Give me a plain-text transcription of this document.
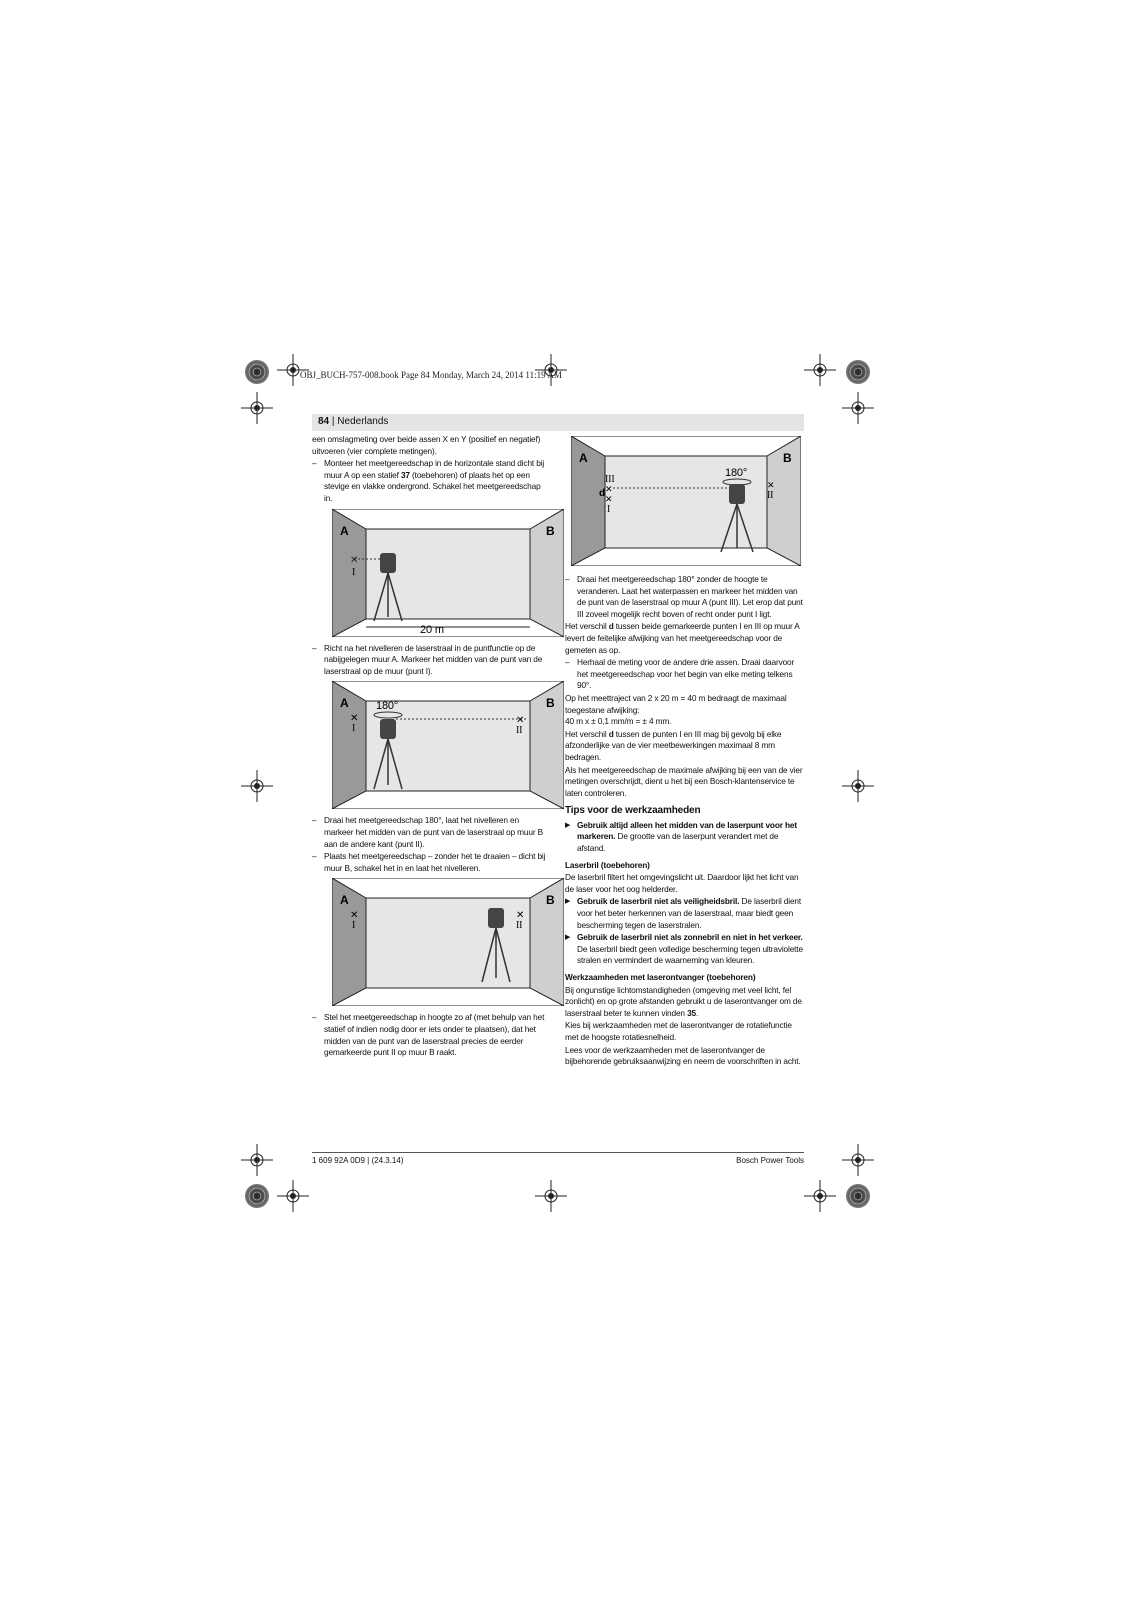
OBJ_BUCH-757-008.book Page 84 Monday, March 24, 2014 11:19 AM
84 | Nederlands

een omslagmeting over beide assen X en Y (positief en negatief) uitvoeren (vier complete metingen).

– Monteer het meetgereedschap in de horizontale stand dicht bij muur A op een statief 37 (toebehoren) of plaats het op een stevige en vlakke ondergrond. Schakel het meetgereedschap in.
A	B
✕
I
20 m
– Richt na het nivelleren de laserstraal in de puntfunctie op de nabijgelegen muur A. Markeer het midden van de punt van de laserstraal op de muur (punt I).
A	B
180°
✕
I
✕
II
– Draai het meetgereedschap 180°, laat het nivelleren en markeer het midden van de punt van de laserstraal op muur B aan de andere kant (punt II).
– Plaats het meetgereedschap – zonder het te draaien – dicht bij muur B, schakel het in en laat het nivelleren.
A	B
✕
I
✕
II
– Stel het meetgereedschap in hoogte zo af (met behulp van het statief of indien nodig door er iets onder te plaatsen), dat het midden van de punt van de laserstraal precies de eerder gemarkeerde punt II op muur B raakt.
A	B
180°
III
d ✕
✕
I
✕
II
– Draai het meetgereedschap 180° zonder de hoogte te veranderen. Laat het waterpassen en markeer het midden van de punt van de laserstraal op muur A (punt III). Let erop dat punt III zoveel mogelijk recht boven of recht onder punt I ligt.

Het verschil d tussen beide gemarkeerde punten I en III op muur A levert de feitelijke afwijking van het meetgereedschap voor de gemeten as op.

– Herhaal de meting voor de andere drie assen. Draai daarvoor het meetgereedschap voor het begin van elke meting telkens 90°.

Op het meettraject van 2 x 20 m = 40 m bedraagt de maximaal toegestane afwijking:

40 m x ± 0,1 mm/m = ± 4 mm.

Het verschil d tussen de punten I en III mag bij gevolg bij elke afzonderlijke van de vier meetbewerkingen maximaal 8 mm bedragen.

Als het meetgereedschap de maximale afwijking bij een van de vier metingen overschrijdt, dient u het bij een Bosch-klantenservice te laten controleren.

Tips voor de werkzaamheden
▶ Gebruik altijd alleen het midden van de laserpunt voor het markeren. De grootte van de laserpunt verandert met de afstand.
Laserbril (toebehoren)

De laserbril filtert het omgevingslicht uit. Daardoor lijkt het licht van de laser voor het oog helderder.

▶ Gebruik de laserbril niet als veiligheidsbril. De laserbril dient voor het beter herkennen van de laserstraal, maar biedt geen bescherming tegen de laserstralen.
▶ Gebruik de laserbril niet als zonnebril en niet in het verkeer. De laserbril biedt geen volledige bescherming tegen ultraviolette stralen en vermindert de waarneming van kleuren.
Werkzaamheden met laserontvanger (toebehoren)

Bij ongunstige lichtomstandigheden (omgeving met veel licht, fel zonlicht) en op grote afstanden gebruikt u de laserontvanger om de laserstraal beter te kunnen vinden 35.

Kies bij werkzaamheden met de laserontvanger de rotatiefunctie met de hoogste rotatiesnelheid.

Lees voor de werkzaamheden met de laserontvanger de bijbehorende gebruiksaanwijzing en neem de voorschriften in acht.

1 609 92A 0D9 | (24.3.14)	Bosch Power Tools
